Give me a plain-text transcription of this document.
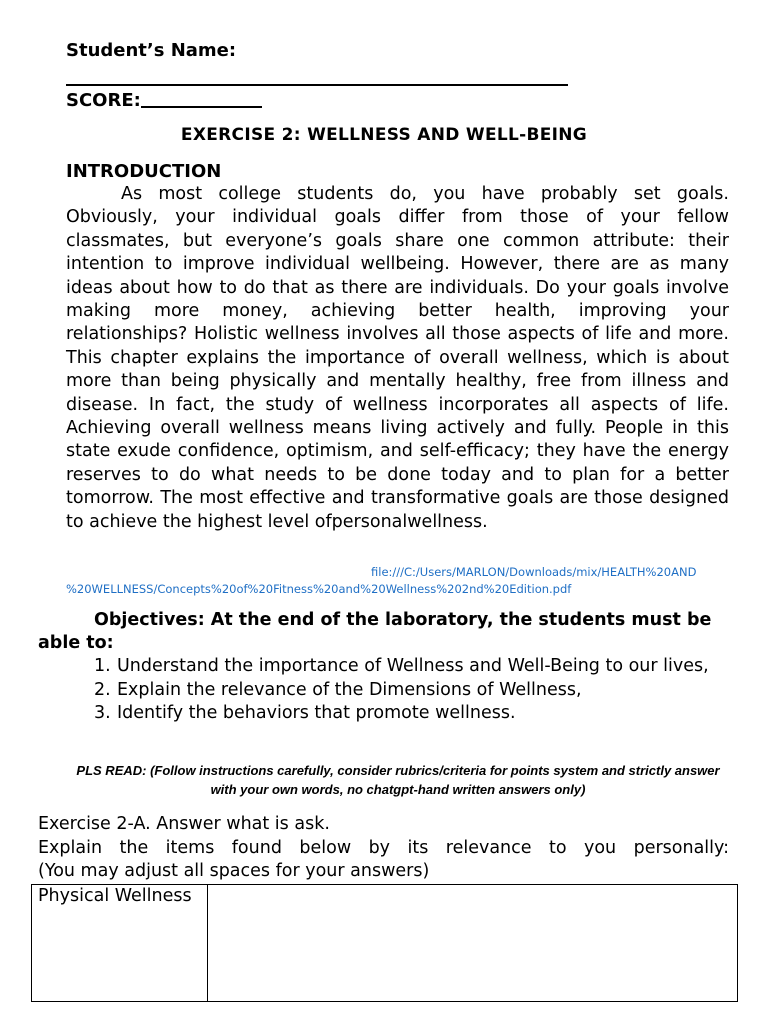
Student’s Name:
SCORE:
EXERCISE 2: WELLNESS AND WELL-BEING
INTRODUCTION

As most college students do, you have probably set goals. Obviously, your individual goals differ from those of your fellow classmates, but everyone’s goals share one common attribute: their intention to improve individual wellbeing. However, there are as many ideas about how to do that as there are individuals. Do your goals involve making more money, achieving better health, improving your relationships? Holistic wellness involves all those aspects of life and more. This chapter explains the importance of overall wellness, which is about more than being physically and mentally healthy, free from illness and disease. In fact, the study of wellness incorporates all aspects of life. Achieving overall wellness means living actively and fully. People in this state exude confidence, optimism, and self-efficacy; they have the energy reserves to do what needs to be done today and to plan for a better tomorrow. The most effective and transformative goals are those designed to achieve the highest level ofpersonalwellness.

file:///C:/Users/MARLON/Downloads/mix/HEALTH%20AND
%20WELLNESS/Concepts%20of%20Fitness%20and%20Wellness%202nd%20Edition.pdf

Objectives: At the end of the laboratory, the students must be able to:

1. Understand the importance of Wellness and Well-Being to our lives,
2. Explain the relevance of the Dimensions of Wellness,
3. Identify the behaviors that promote wellness.

PLS READ: (Follow instructions carefully, consider rubrics/criteria for points system and strictly answer with your own words, no chatgpt-hand written answers only)

Exercise 2-A. Answer what is ask.
Explain the items found below by its relevance to you personally:
(You may adjust all spaces for your answers)
Physical Wellness	
